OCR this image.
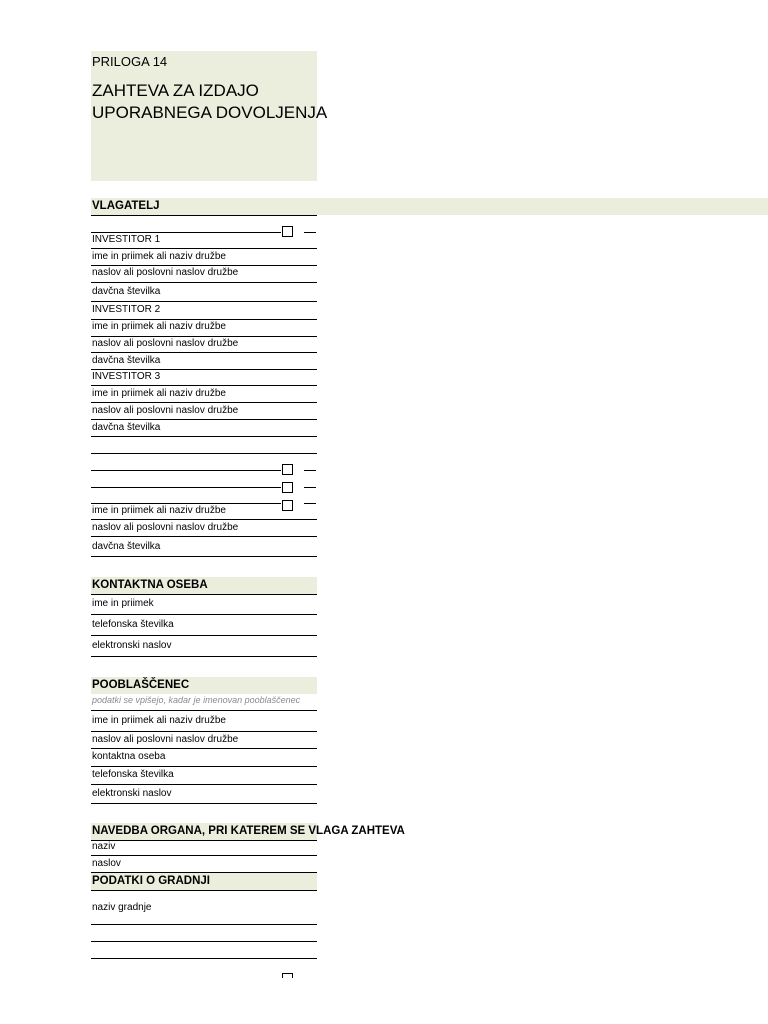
PRILOGA 14
ZAHTEVA ZA IZDAJO
UPORABNEGA DOVOLJENJA
VLAGATELJ
INVESTITOR 1
ime in priimek ali naziv družbe
naslov ali poslovni naslov družbe
davčna številka
INVESTITOR 2
ime in priimek ali naziv družbe
naslov ali poslovni naslov družbe
davčna številka
INVESTITOR 3
ime in priimek ali naziv družbe
naslov ali poslovni naslov družbe
davčna številka
ime in priimek ali naziv družbe
naslov ali poslovni naslov družbe
davčna številka
KONTAKTNA OSEBA
ime in priimek
telefonska številka
elektronski naslov
POOBLAŠČENEC
podatki se vpišejo, kadar je imenovan pooblaščenec
ime in priimek ali naziv družbe
naslov ali poslovni naslov družbe
kontaktna oseba
telefonska številka
elektronski naslov
NAVEDBA ORGANA, PRI KATEREM SE VLAGA ZAHTEVA
naziv
naslov
PODATKI O GRADNJI
naziv gradnje
